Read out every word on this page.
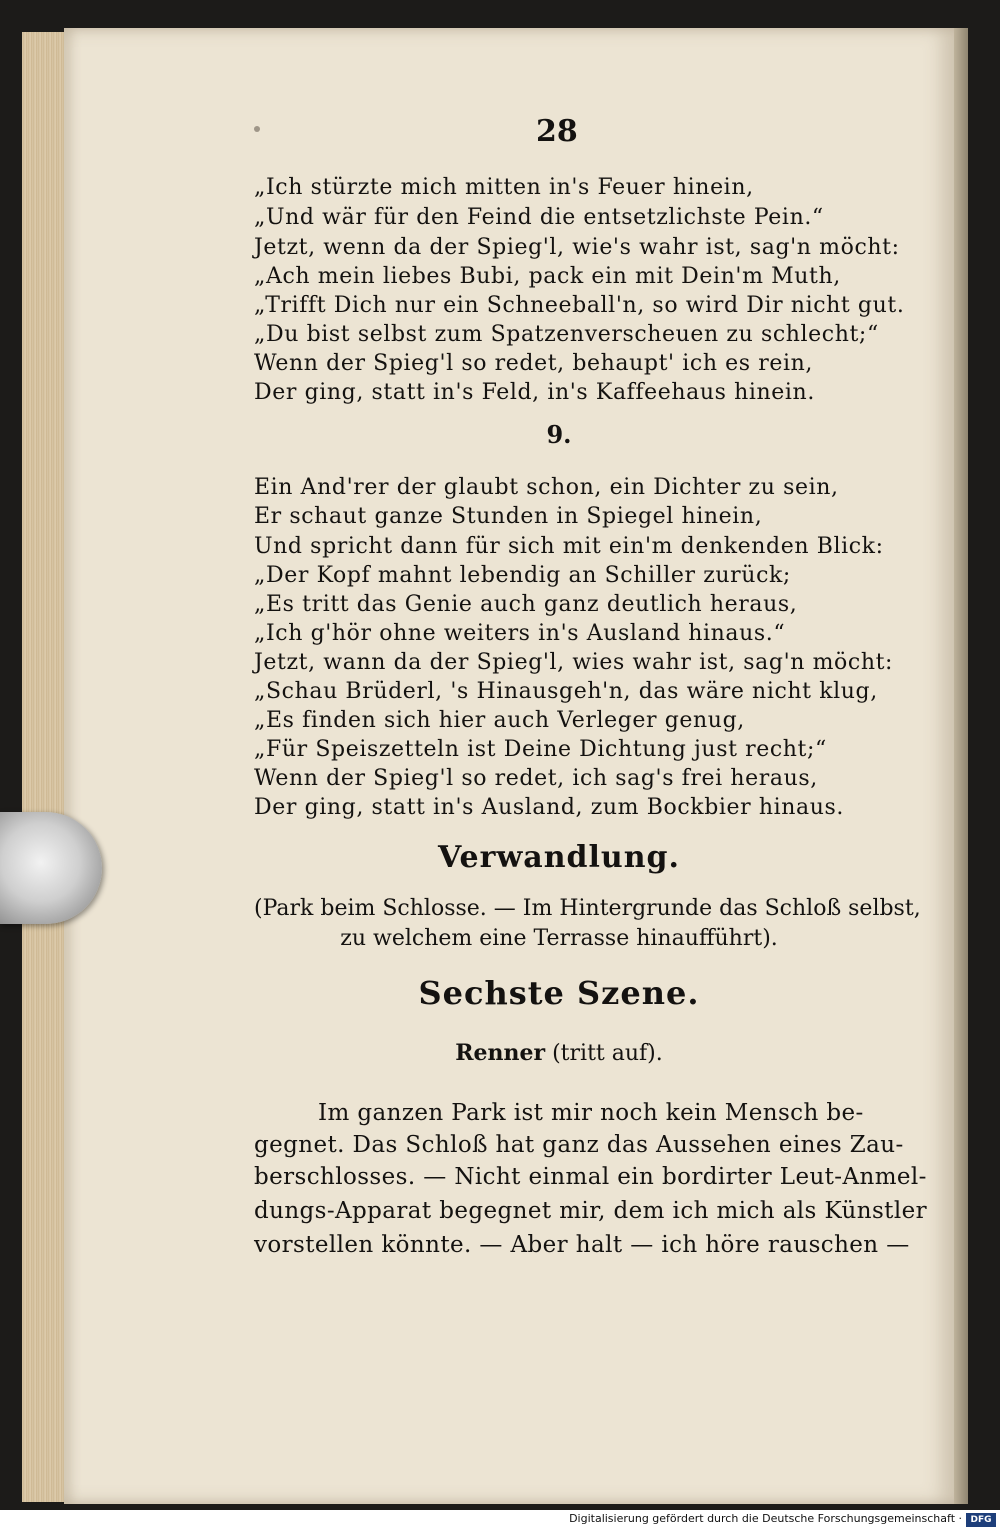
28
„Ich stürzte mich mitten in's Feuer hinein,
„Und wär für den Feind die entsetzlichste Pein.“
Jetzt, wenn da der Spieg'l, wie's wahr ist, sag'n möcht:
„Ach mein liebes Bubi, pack ein mit Dein'm Muth,
„Trifft Dich nur ein Schneeball'n, so wird Dir nicht gut.
„Du bist selbst zum Spatzenverscheuen zu schlecht;“
Wenn der Spieg'l so redet, behaupt' ich es rein,
Der ging, statt in's Feld, in's Kaffeehaus hinein.
9.
Ein And'rer der glaubt schon, ein Dichter zu sein,
Er schaut ganze Stunden in Spiegel hinein,
Und spricht dann für sich mit ein'm denkenden Blick:
„Der Kopf mahnt lebendig an Schiller zurück;
„Es tritt das Genie auch ganz deutlich heraus,
„Ich g'hör ohne weiters in's Ausland hinaus.“
Jetzt, wann da der Spieg'l, wies wahr ist, sag'n möcht:
„Schau Brüderl, 's Hinausgeh'n, das wäre nicht klug,
„Es finden sich hier auch Verleger genug,
„Für Speiszetteln ist Deine Dichtung just recht;“
Wenn der Spieg'l so redet, ich sag's frei heraus,
Der ging, statt in's Ausland, zum Bockbier hinaus.
Verwandlung.
(Park beim Schlosse. — Im Hintergrunde das Schloß selbst,
zu welchem eine Terrasse hinaufführt).
Sechste Szene.
Renner (tritt auf).
Im ganzen Park ist mir noch kein Mensch be-
gegnet. Das Schloß hat ganz das Aussehen eines Zau-
berschlosses. — Nicht einmal ein bordirter Leut-Anmel-
dungs-Apparat begegnet mir, dem ich mich als Künstler
vorstellen könnte. — Aber halt — ich höre rauschen —
Digitalisierung gefördert durch die Deutsche Forschungsgemeinschaft · DFG
